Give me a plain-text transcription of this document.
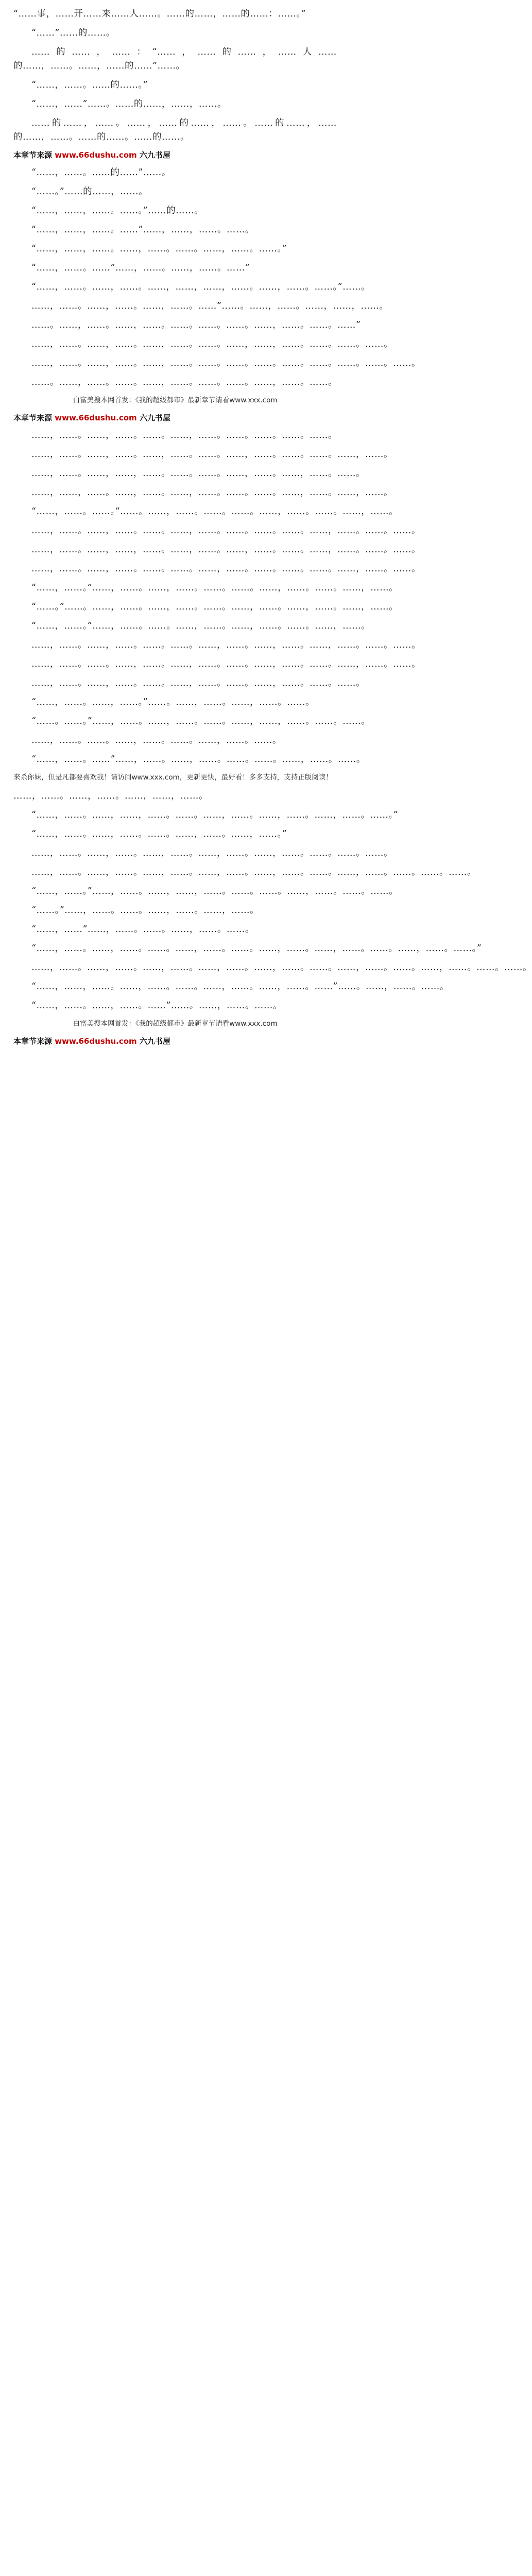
“……事，……开……来……人……。……的……，……的……：……。”

“……”……的……。

……的……，……：“……，……的……，……人……的……，……。……，……的……”……。

“……，……。……的……。”

“……，……”……。……的……，……，……。

……的……，……。……，……的……，……。……的……，……的……，……。……的……。……的……。

本章节来源 www.66dushu.com 六九书屋

“……，……。……的……”……。

“……。”……的……，……。

“……，……，……。……。”……的……。

“……，……，……。……”……，……，……。……。

“……，……，……。……，……。……。……，……。……。”

“……，……。……”……，……。……，……。……”

“……，……。……，……。……，……，……，……。……，……。……。”……。

……，……。……，……。……，……。……”……。……，……。……，……，……。

……。……，……。……，……。……。……。……。……，……。……。……”

……，……。……，……。……，……。……。……，……，……。……。……。……。

……，……。……，……。……，……。……。……。……。……。……。……。……。……。

……。……，……。……。……，……。……。……。……，……。……。

白富美搜本网首发：《我的超级都市》最新章节请看www.xxx.com
本章节来源 www.66dushu.com 六九书屋

……，……。……，……。……。……，……。……。……。……。……。

……，……。……，……。……，……。……。……，……。……。……。……，……。

……，……。……，……，……。……。……。……，……。……，……。……。

……，……，……。……，……。……，……。……。……。……，……。……，……。

“……，……。……。”……。……，……。……。……。……，……。……。……，……。

……，……。……，……。……。……，……。……。……。……。……，……。……。……。

……，……。……，……，……。……，……。……，……。……。……，……。……。……。

……，……。……，……。……。……。……，……。……。……。……。……，……。……。

“……，……。”……，……。……，……。……。……。……，……。……。……，……。

“……。”……。……，……。……，……。……。……，……。……，……。……，……。

“……，……。”……，……。……。……，……。……，……。……。……，……。

……，……。……，……。……。……。……，……。……，……。……，……。……。……。

……，……。……。……，……。……，……。……。……，……。……。……，……。……。

……，……。……，……。……。……，……。……。……，……。……。……。

“……，……。……，……。”……。……，……。……，……。……。

“……。……。”……，……。……，……。……。……，……，……。……。……。

……，……。……。……，……。……。……，……。……。

“……，……。……”……，……。……，……。……。……。……，……。……。

来杀你妹，但是凡都要喜欢我！请访问www.xxx.com，更新更快，最好看！多多支持，支持正版阅读！

……，……。……，……。……，……，……。

“……，……。……，……，……。……。……，……。……，……。……，……。……。”

“……，……。……，……。……。……，……。……，……。”

……，……。……，……。……，……。……，……。……，……。……。……。……。

……，……。……，……。……，……。……，……。……，……。……。……，……。……。……。……。

“……，……。”……，……。……，……，……。……。……。……，……。……。……。

“……。”……，……。……。……，……。……，……。

“……，……”……，……。……。……，……。……。

“……，……。……，……。……。……，……。……。……，……。……，……。……。……，……。……。”

……，……。……，……。……，……。……，……。……，……。……。……，……。……。……，……。……。……。

“……，……，……。……，……。……。……，……。……，……。……”……。……，……。……。

“……，……。……，……。……”……。……，……。……。

白富美搜本网首发：《我的超级都市》最新章节请看www.xxx.com
本章节来源 www.66dushu.com 六九书屋
